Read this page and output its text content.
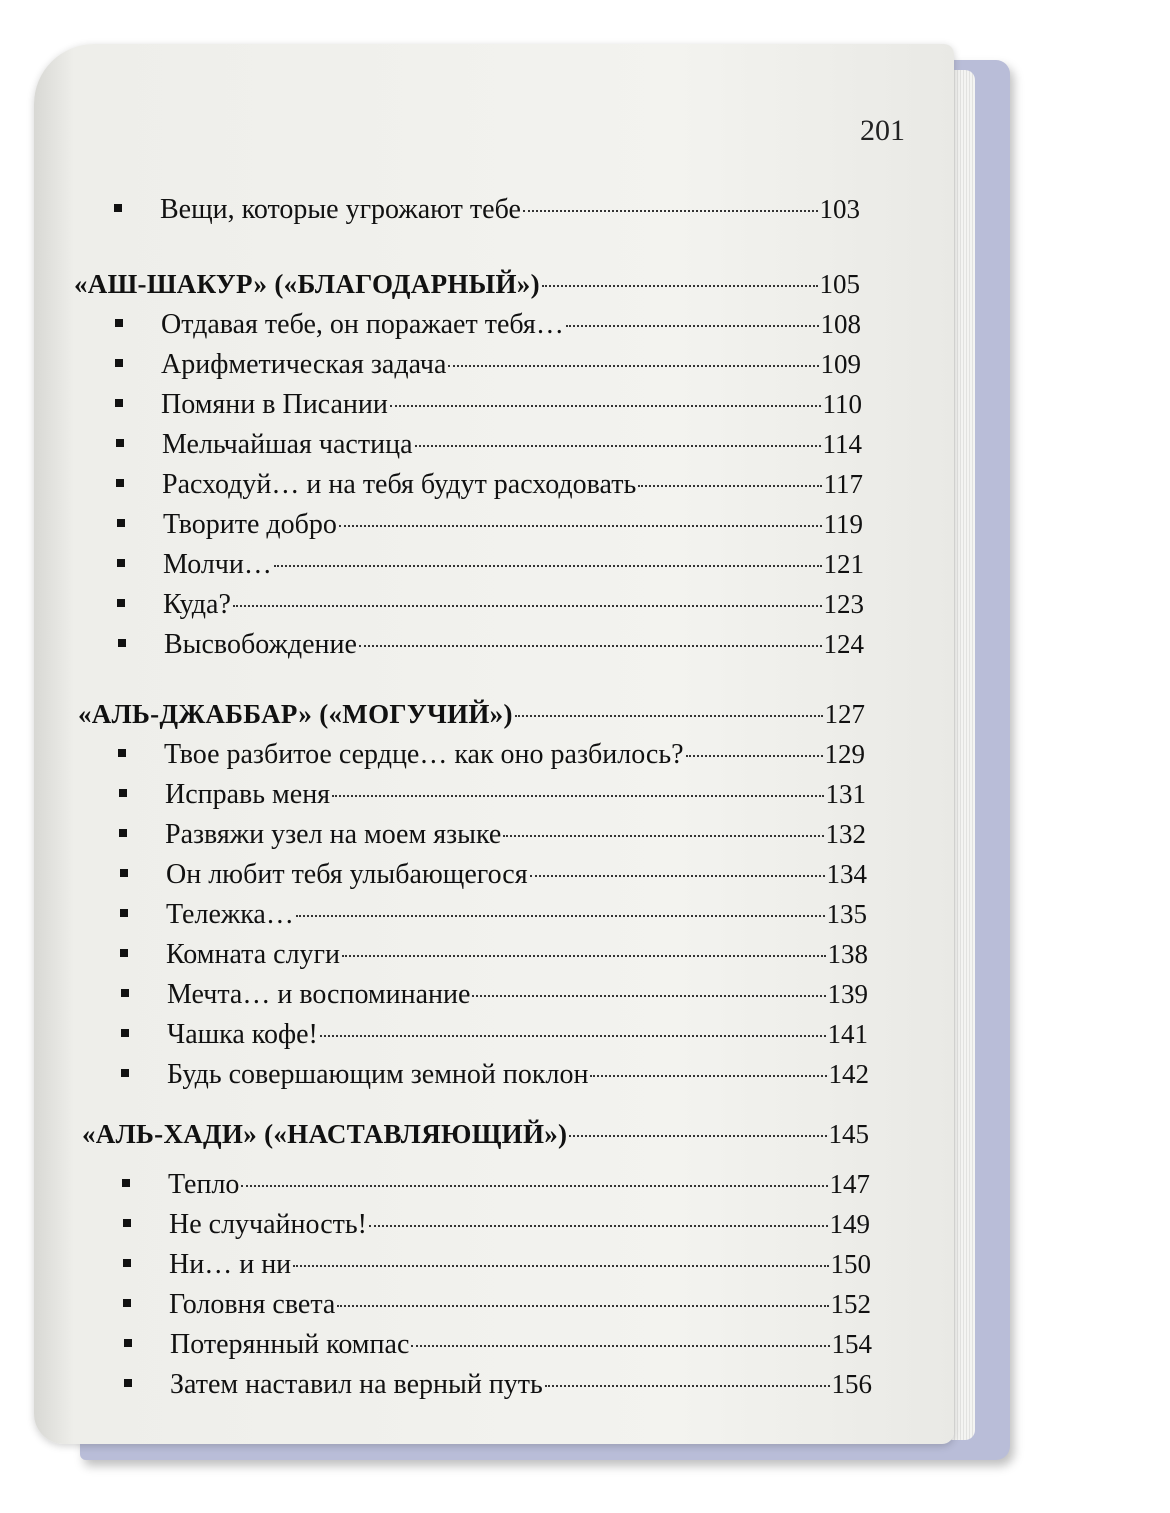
201
Вещи, которые угрожают тебе	103
«АШ-ШАКУР» («БЛАГОДАРНЫЙ»)	105
Отдавая тебе, он поражает тебя…	108
Арифметическая задача	109
Помяни в Писании	110
Мельчайшая частица	114
Расходуй… и на тебя будут расходовать	117
Творите добро	119
Молчи…	121
Куда?	123
Высвобождение	124
«АЛЬ-ДЖАББАР» («МОГУЧИЙ»)	127
Твое разбитое сердце… как оно разбилось?	129
Исправь меня	131
Развяжи узел на моем языке	132
Он любит тебя улыбающегося	134
Тележка…	135
Комната слуги	138
Мечта… и воспоминание	139
Чашка кофе!	141
Будь совершающим земной поклон	142
«АЛЬ-ХАДИ» («НАСТАВЛЯЮЩИЙ»)	145
Тепло	147
Не случайность!	149
Ни… и ни	150
Головня света	152
Потерянный компас	154
Затем наставил на верный путь	156
